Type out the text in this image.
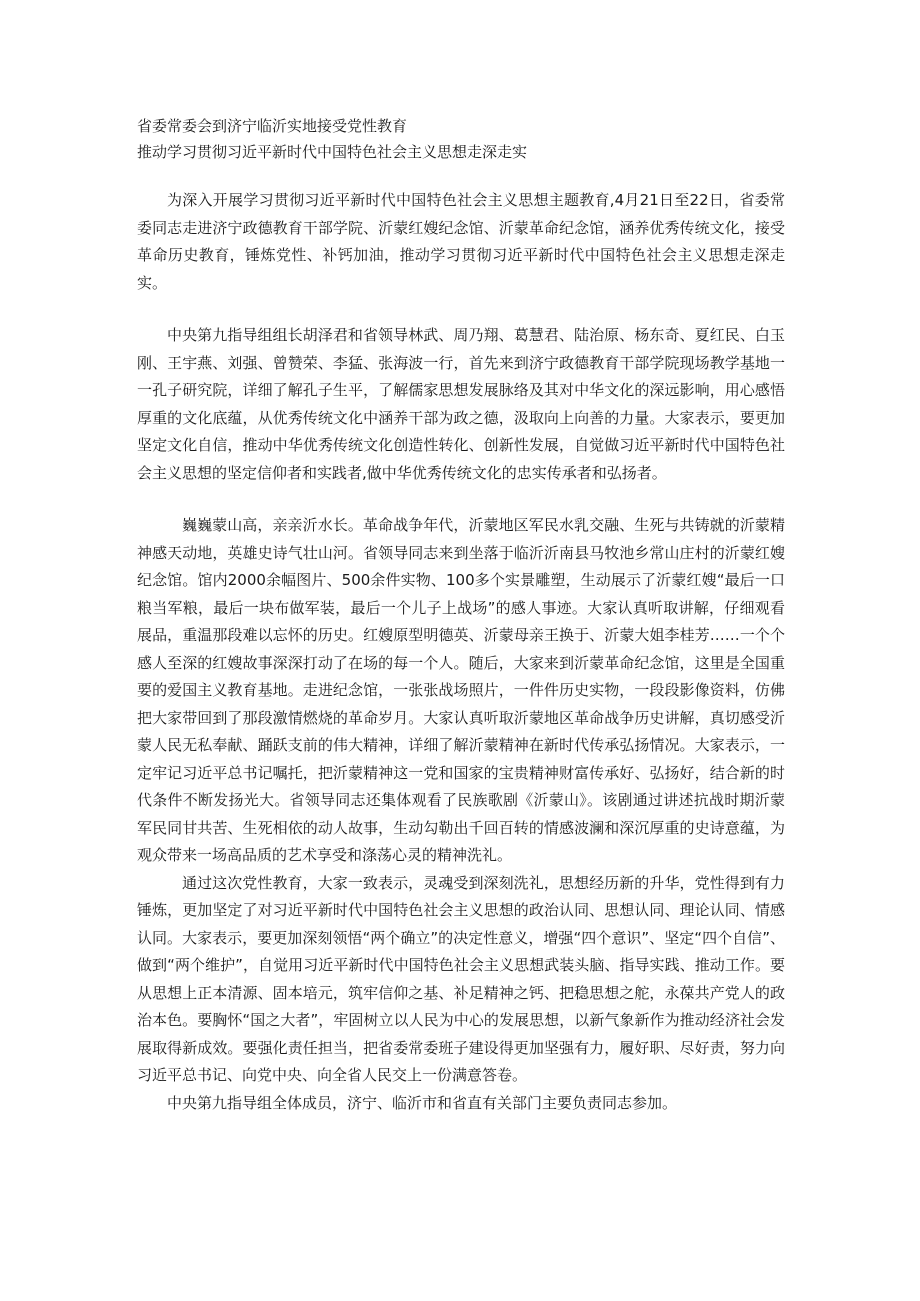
省委常委会到济宁临沂实地接受党性教育

推动学习贯彻习近平新时代中国特色社会主义思想走深走实

为深入开展学习贯彻习近平新时代中国特色社会主义思想主题教育,4月21日至22日，省委常委同志走进济宁政德教育干部学院、沂蒙红嫂纪念馆、沂蒙革命纪念馆，涵养优秀传统文化，接受革命历史教育，锤炼党性、补钙加油，推动学习贯彻习近平新时代中国特色社会主义思想走深走实。

中央第九指导组组长胡泽君和省领导林武、周乃翔、葛慧君、陆治原、杨东奇、夏红民、白玉刚、王宇燕、刘强、曾赞荣、李猛、张海波一行，首先来到济宁政德教育干部学院现场教学基地一一孔子研究院，详细了解孔子生平，了解儒家思想发展脉络及其对中华文化的深远影响，用心感悟厚重的文化底蕴，从优秀传统文化中涵养干部为政之德，汲取向上向善的力量。大家表示，要更加坚定文化自信，推动中华优秀传统文化创造性转化、创新性发展，自觉做习近平新时代中国特色社会主义思想的坚定信仰者和实践者,做中华优秀传统文化的忠实传承者和弘扬者。

巍巍蒙山高，亲亲沂水长。革命战争年代，沂蒙地区军民水乳交融、生死与共铸就的沂蒙精神感天动地，英雄史诗气壮山河。省领导同志来到坐落于临沂沂南县马牧池乡常山庄村的沂蒙红嫂纪念馆。馆内2000余幅图片、500余件实物、100多个实景雕塑，生动展示了沂蒙红嫂“最后一口粮当军粮，最后一块布做军装，最后一个儿子上战场”的感人事迹。大家认真听取讲解，仔细观看展品，重温那段难以忘怀的历史。红嫂原型明德英、沂蒙母亲王换于、沂蒙大姐李桂芳……一个个感人至深的红嫂故事深深打动了在场的每一个人。随后，大家来到沂蒙革命纪念馆，这里是全国重要的爱国主义教育基地。走进纪念馆，一张张战场照片，一件件历史实物，一段段影像资料，仿佛把大家带回到了那段激情燃烧的革命岁月。大家认真听取沂蒙地区革命战争历史讲解，真切感受沂蒙人民无私奉献、踊跃支前的伟大精神，详细了解沂蒙精神在新时代传承弘扬情况。大家表示，一定牢记习近平总书记嘱托，把沂蒙精神这一党和国家的宝贵精神财富传承好、弘扬好，结合新的时代条件不断发扬光大。省领导同志还集体观看了民族歌剧《沂蒙山》。该剧通过讲述抗战时期沂蒙军民同甘共苦、生死相依的动人故事，生动勾勒出千回百转的情感波澜和深沉厚重的史诗意蕴，为观众带来一场高品质的艺术享受和涤荡心灵的精神洗礼。

通过这次党性教育，大家一致表示，灵魂受到深刻洗礼，思想经历新的升华，党性得到有力锤炼，更加坚定了对习近平新时代中国特色社会主义思想的政治认同、思想认同、理论认同、情感认同。大家表示，要更加深刻领悟“两个确立”的决定性意义，增强“四个意识”、坚定“四个自信”、做到“两个维护”，自觉用习近平新时代中国特色社会主义思想武装头脑、指导实践、推动工作。要从思想上正本清源、固本培元，筑牢信仰之基、补足精神之钙、把稳思想之舵，永葆共产党人的政治本色。要胸怀“国之大者”，牢固树立以人民为中心的发展思想，以新气象新作为推动经济社会发展取得新成效。要强化责任担当，把省委常委班子建设得更加坚强有力，履好职、尽好责，努力向习近平总书记、向党中央、向全省人民交上一份满意答卷。

中央第九指导组全体成员，济宁、临沂市和省直有关部门主要负责同志参加。
